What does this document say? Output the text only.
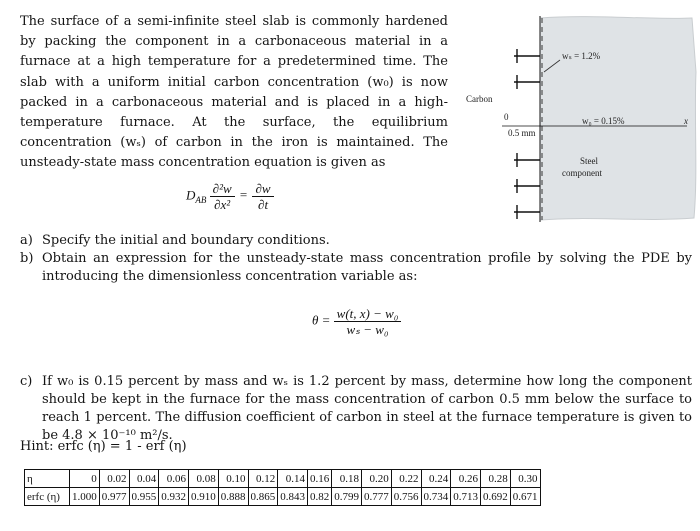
The surface of a semi-infinite steel slab is commonly hardened by packing the component in a carbonaceous material in a furnace at a high temperature for a predetermined time. The slab with a uniform initial carbon concentration (w₀) is now packed in a carbonaceous material and is placed in a high-temperature furnace. At the surface, the equilibrium concentration (wₛ) of carbon in the iron is maintained. The unsteady-state mass concentration equation is given as

wₛ = 1.2%
Carbon
0	x
0.5 mm
w₀ = 0.15%
Steel
component
$D_{AB} \frac{\text{∂²w}}{\text{∂x²}} = \frac{\partial w}{\partial t}$
a) Specify the initial and boundary conditions.
b) Obtain an expression for the unsteady-state mass concentration profile by solving the PDE by introducing the dimensionless concentration variable as:
$\theta = \frac{\text{w(t, x) − w₀}}{\text{wₛ − w₀}}$
c) If w₀ is 0.15 percent by mass and wₛ is 1.2 percent by mass, determine how long the component should be kept in the furnace for the mass concentration of carbon 0.5 mm below the surface to reach 1 percent. The diffusion coefficient of carbon in steel at the furnace temperature is given to be 4.8 × 10⁻¹⁰ m²/s.
Hint: erfc (η) = 1 - erf (η)
η	0	0.02	0.04	0.06	0.08	0.10	0.12	0.14	0.16	0.18	0.20	0.22	0.24	0.26	0.28	0.30
erfc (η)	1.000	0.977	0.955	0.932	0.910	0.888	0.865	0.843	0.82	0.799	0.777	0.756	0.734	0.713	0.692	0.671
